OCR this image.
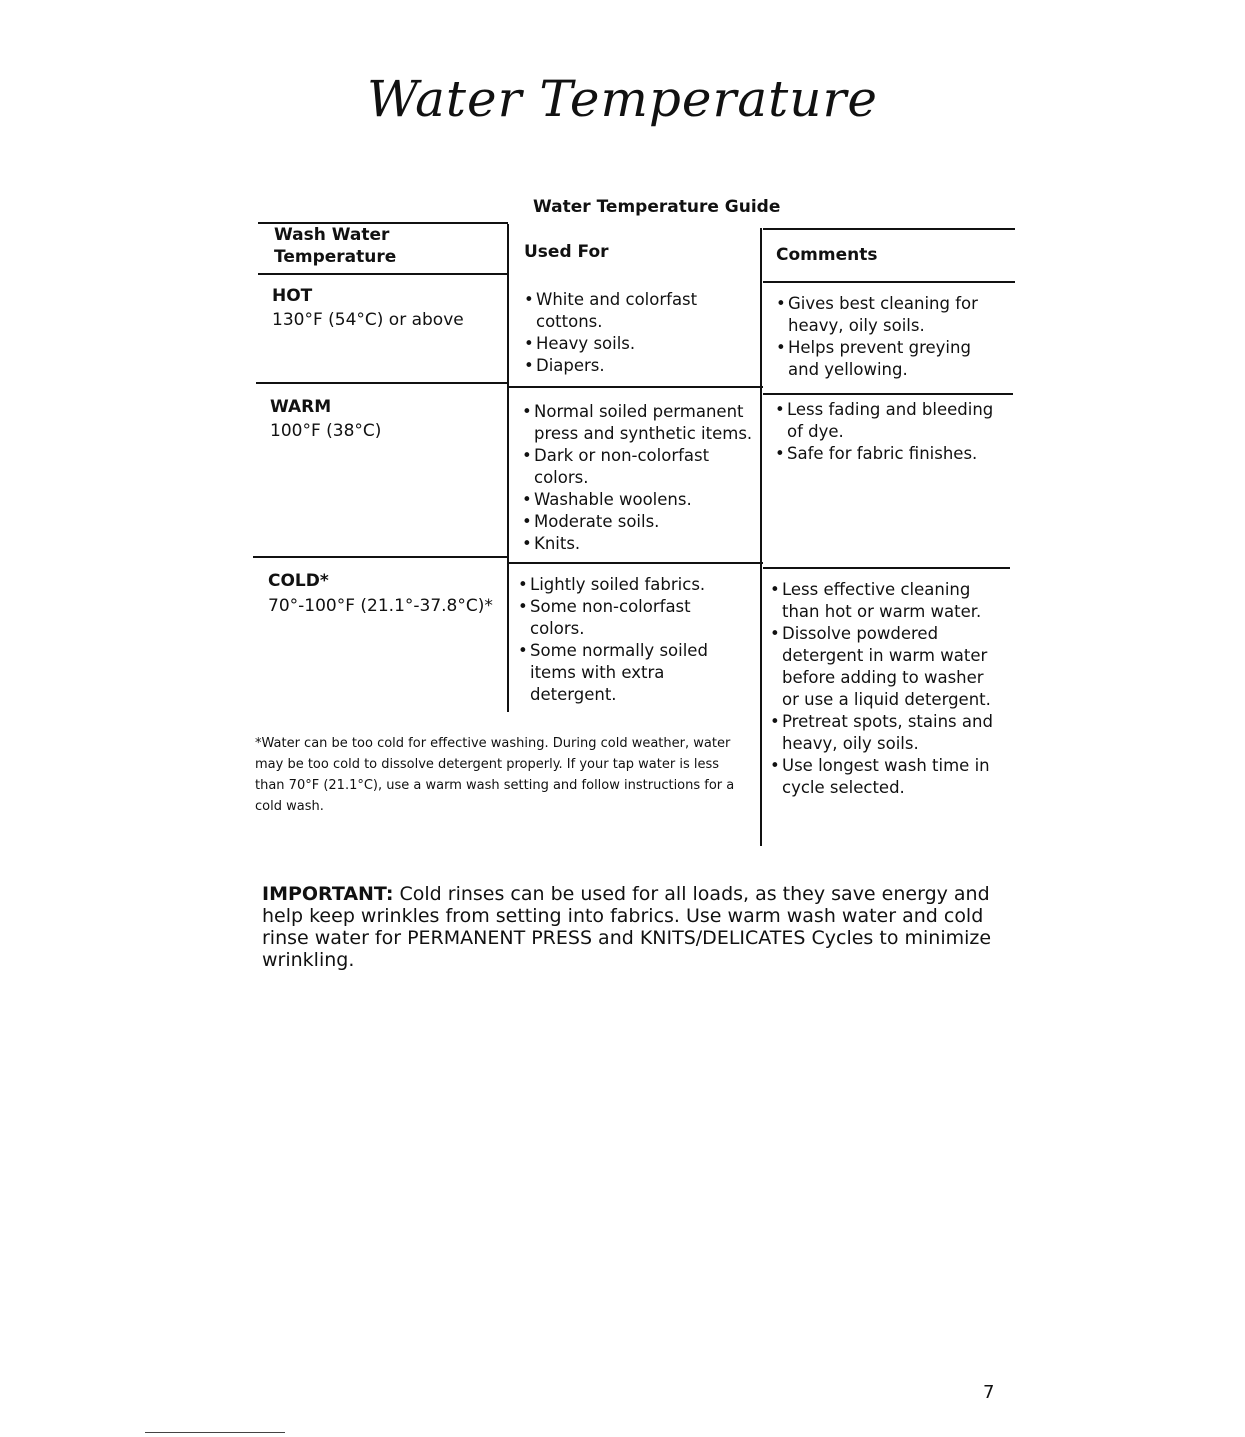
Water Temperature
Water Temperature Guide
Wash Water
Temperature	Used For	Comments
HOT
130°F (54°C) or above
• White and colorfast cottons.
• Heavy soils.
• Diapers.
• Gives best cleaning for heavy, oily soils.
• Helps prevent greying and yellowing.
WARM
100°F (38°C)
• Normal soiled permanent press and synthetic items.
• Dark or non-colorfast colors.
• Washable woolens.
• Moderate soils.
• Knits.
• Less fading and bleeding of dye.
• Safe for fabric finishes.
COLD*
70°-100°F (21.1°-37.8°C)*
• Lightly soiled fabrics.
• Some non-colorfast colors.
• Some normally soiled items with extra detergent.
• Less effective cleaning than hot or warm water.
• Dissolve powdered detergent in warm water before adding to washer or use a liquid detergent.
• Pretreat spots, stains and heavy, oily soils.
• Use longest wash time in cycle selected.
*Water can be too cold for effective washing. During cold weather, water may be too cold to dissolve detergent properly. If your tap water is less than 70°F (21.1°C), use a warm wash setting and follow instructions for a cold wash.
IMPORTANT: Cold rinses can be used for all loads, as they save energy and help keep wrinkles from setting into fabrics. Use warm wash water and cold rinse water for PERMANENT PRESS and KNITS/DELICATES Cycles to minimize wrinkling.
7
